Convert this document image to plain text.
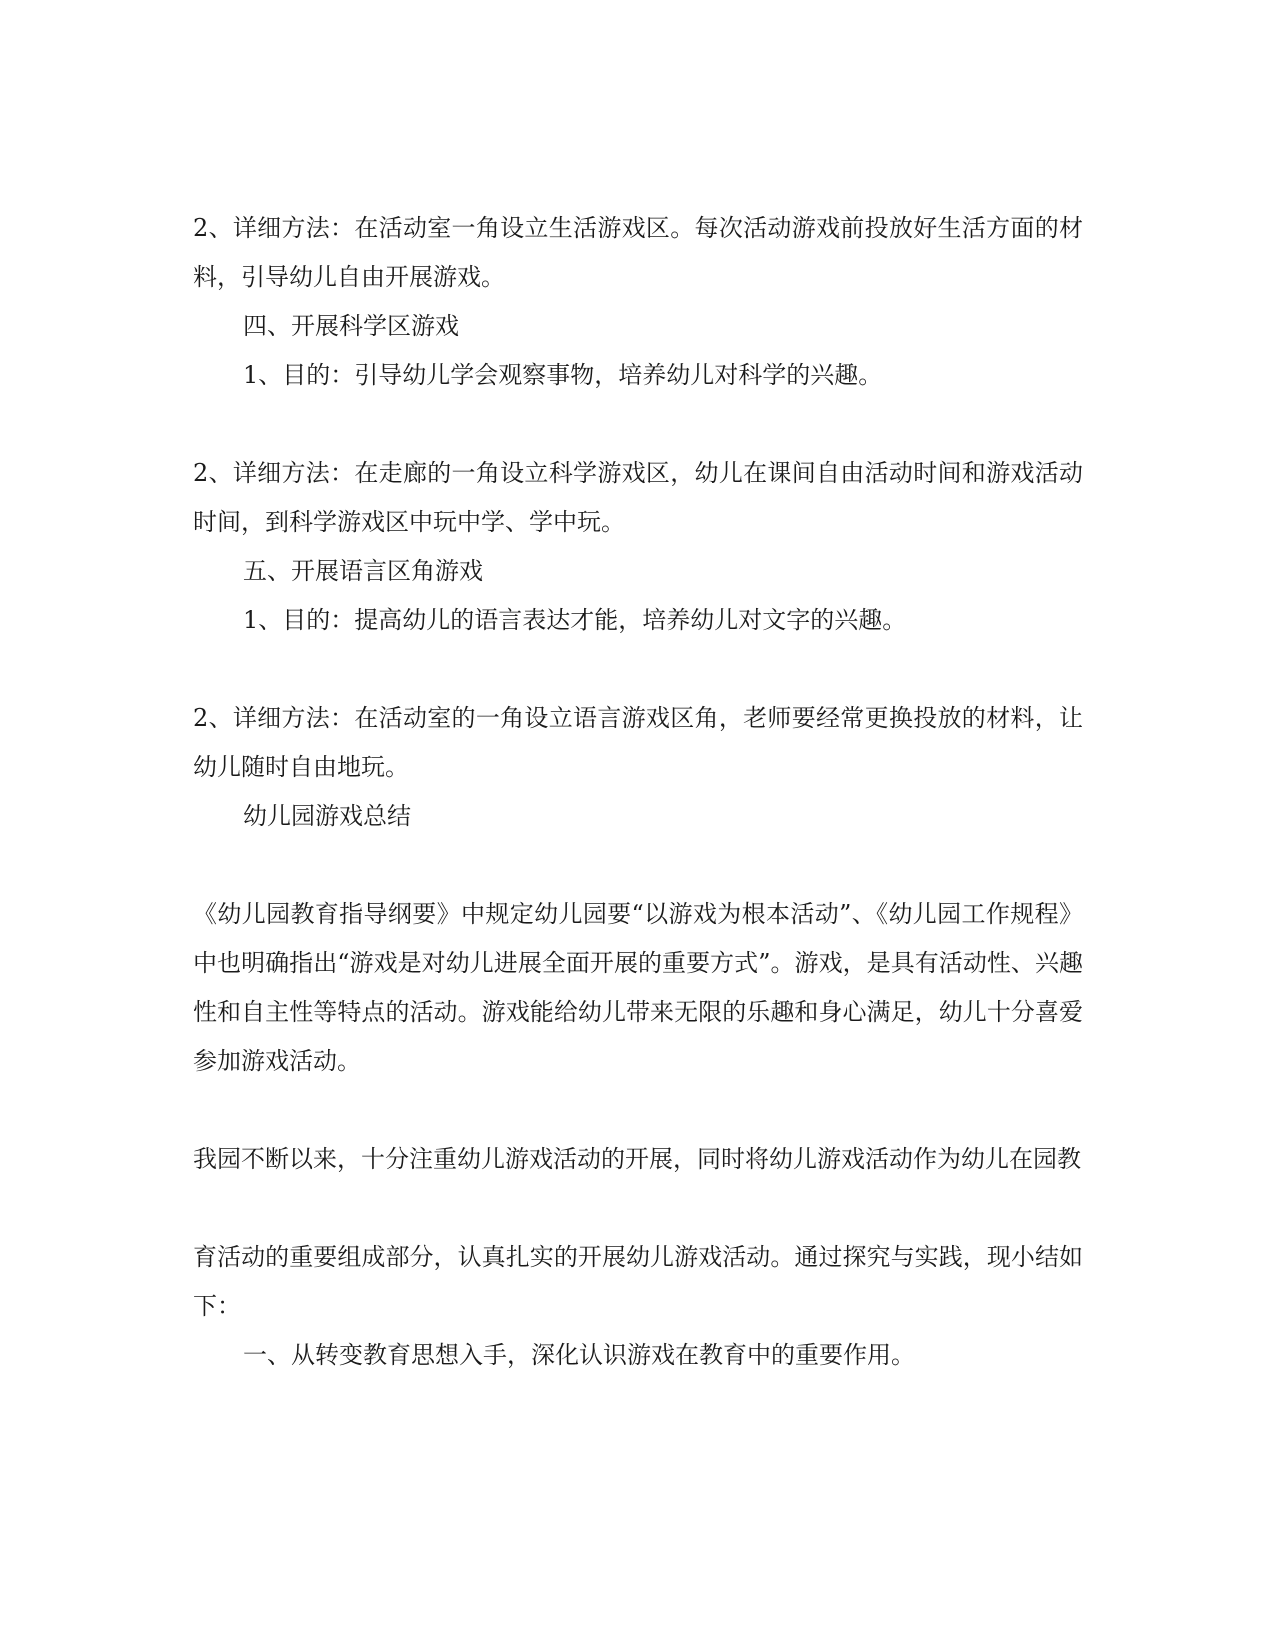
2、详细方法：在活动室一角设立生活游戏区。每次活动游戏前投放好生活方面的材料，引导幼儿自由开展游戏。

四、开展科学区游戏

1、目的：引导幼儿学会观察事物，培养幼儿对科学的兴趣。

2、详细方法：在走廊的一角设立科学游戏区，幼儿在课间自由活动时间和游戏活动时间，到科学游戏区中玩中学、学中玩。

五、开展语言区角游戏

1、目的：提高幼儿的语言表达才能，培养幼儿对文字的兴趣。

2、详细方法：在活动室的一角设立语言游戏区角，老师要经常更换投放的材料，让幼儿随时自由地玩。

幼儿园游戏总结

《幼儿园教育指导纲要》中规定幼儿园要“以游戏为根本活动”、《幼儿园工作规程》中也明确指出“游戏是对幼儿进展全面开展的重要方式”。游戏，是具有活动性、兴趣性和自主性等特点的活动。游戏能给幼儿带来无限的乐趣和身心满足，幼儿十分喜爱参加游戏活动。

我园不断以来，十分注重幼儿游戏活动的开展，同时将幼儿游戏活动作为幼儿在园教

育活动的重要组成部分，认真扎实的开展幼儿游戏活动。通过探究与实践，现小结如下：

一、从转变教育思想入手，深化认识游戏在教育中的重要作用。
